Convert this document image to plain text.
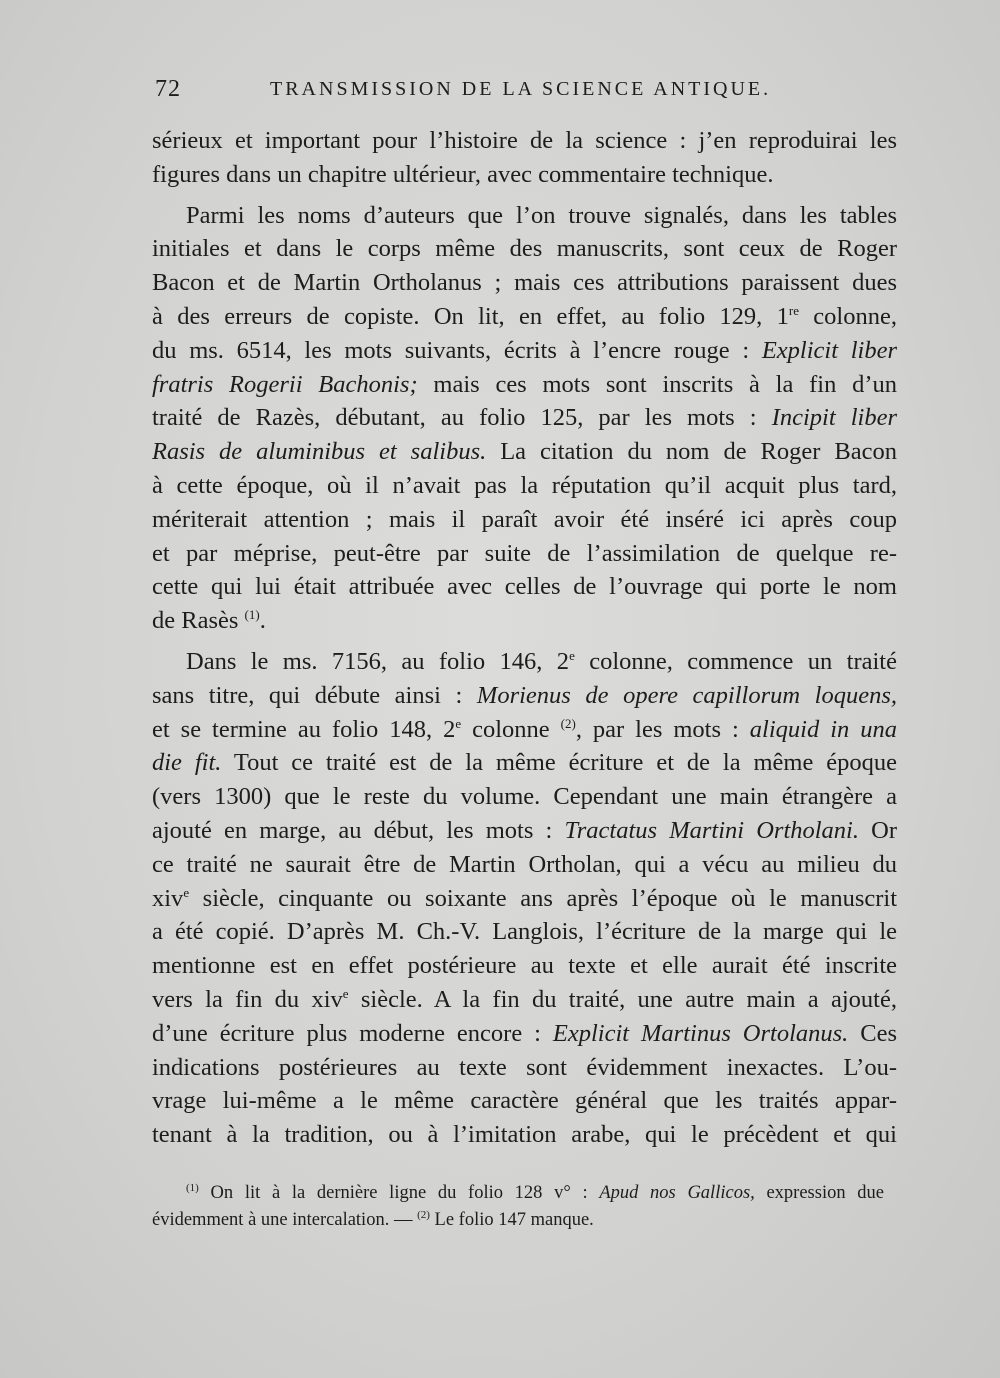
72	TRANSMISSION DE LA SCIENCE ANTIQUE.
sérieux et important pour l’histoire de la science : j’en reproduirai les
figures dans un chapitre ultérieur, avec commentaire technique.
Parmi les noms d’auteurs que l’on trouve signalés, dans les tables
initiales et dans le corps même des manuscrits, sont ceux de Roger
Bacon et de Martin Ortholanus ; mais ces attributions paraissent dues
à des erreurs de copiste. On lit, en effet, au folio 129, 1re colonne,
du ms. 6514, les mots suivants, écrits à l’encre rouge : Explicit liber
fratris Rogerii Bachonis; mais ces mots sont inscrits à la fin d’un
traité de Razès, débutant, au folio 125, par les mots : Incipit liber
Rasis de aluminibus et salibus. La citation du nom de Roger Bacon
à cette époque, où il n’avait pas la réputation qu’il acquit plus tard,
mériterait attention ; mais il paraît avoir été inséré ici après coup
et par méprise, peut-être par suite de l’assimilation de quelque re-
cette qui lui était attribuée avec celles de l’ouvrage qui porte le nom
de Rasès $^{(1)}$.
Dans le ms. 7156, au folio 146, 2e colonne, commence un traité
sans titre, qui débute ainsi : Morienus de opere capillorum loquens,
et se termine au folio 148, 2e colonne $^{(2)}$, par les mots : aliquid in una
die fit. Tout ce traité est de la même écriture et de la même époque
(vers 1300) que le reste du volume. Cependant une main étrangère a
ajouté en marge, au début, les mots : Tractatus Martini Ortholani. Or
ce traité ne saurait être de Martin Ortholan, qui a vécu au milieu du
xiv$^e$ siècle, cinquante ou soixante ans après l’époque où le manuscrit
a été copié. D’après M. Ch.-V. Langlois, l’écriture de la marge qui le
mentionne est en effet postérieure au texte et elle aurait été inscrite
vers la fin du xiv$^e$ siècle. A la fin du traité, une autre main a ajouté,
d’une écriture plus moderne encore : Explicit Martinus Ortolanus. Ces
indications postérieures au texte sont évidemment inexactes. L’ou-
vrage lui-même a le même caractère général que les traités appar-
tenant à la tradition, ou à l’imitation arabe, qui le précèdent et qui
$^{(1)}$ On lit à la dernière ligne du folio 128 v° : Apud nos Gallicos, expression due
évidemment à une intercalation. — $^{(2)}$ Le folio 147 manque.
